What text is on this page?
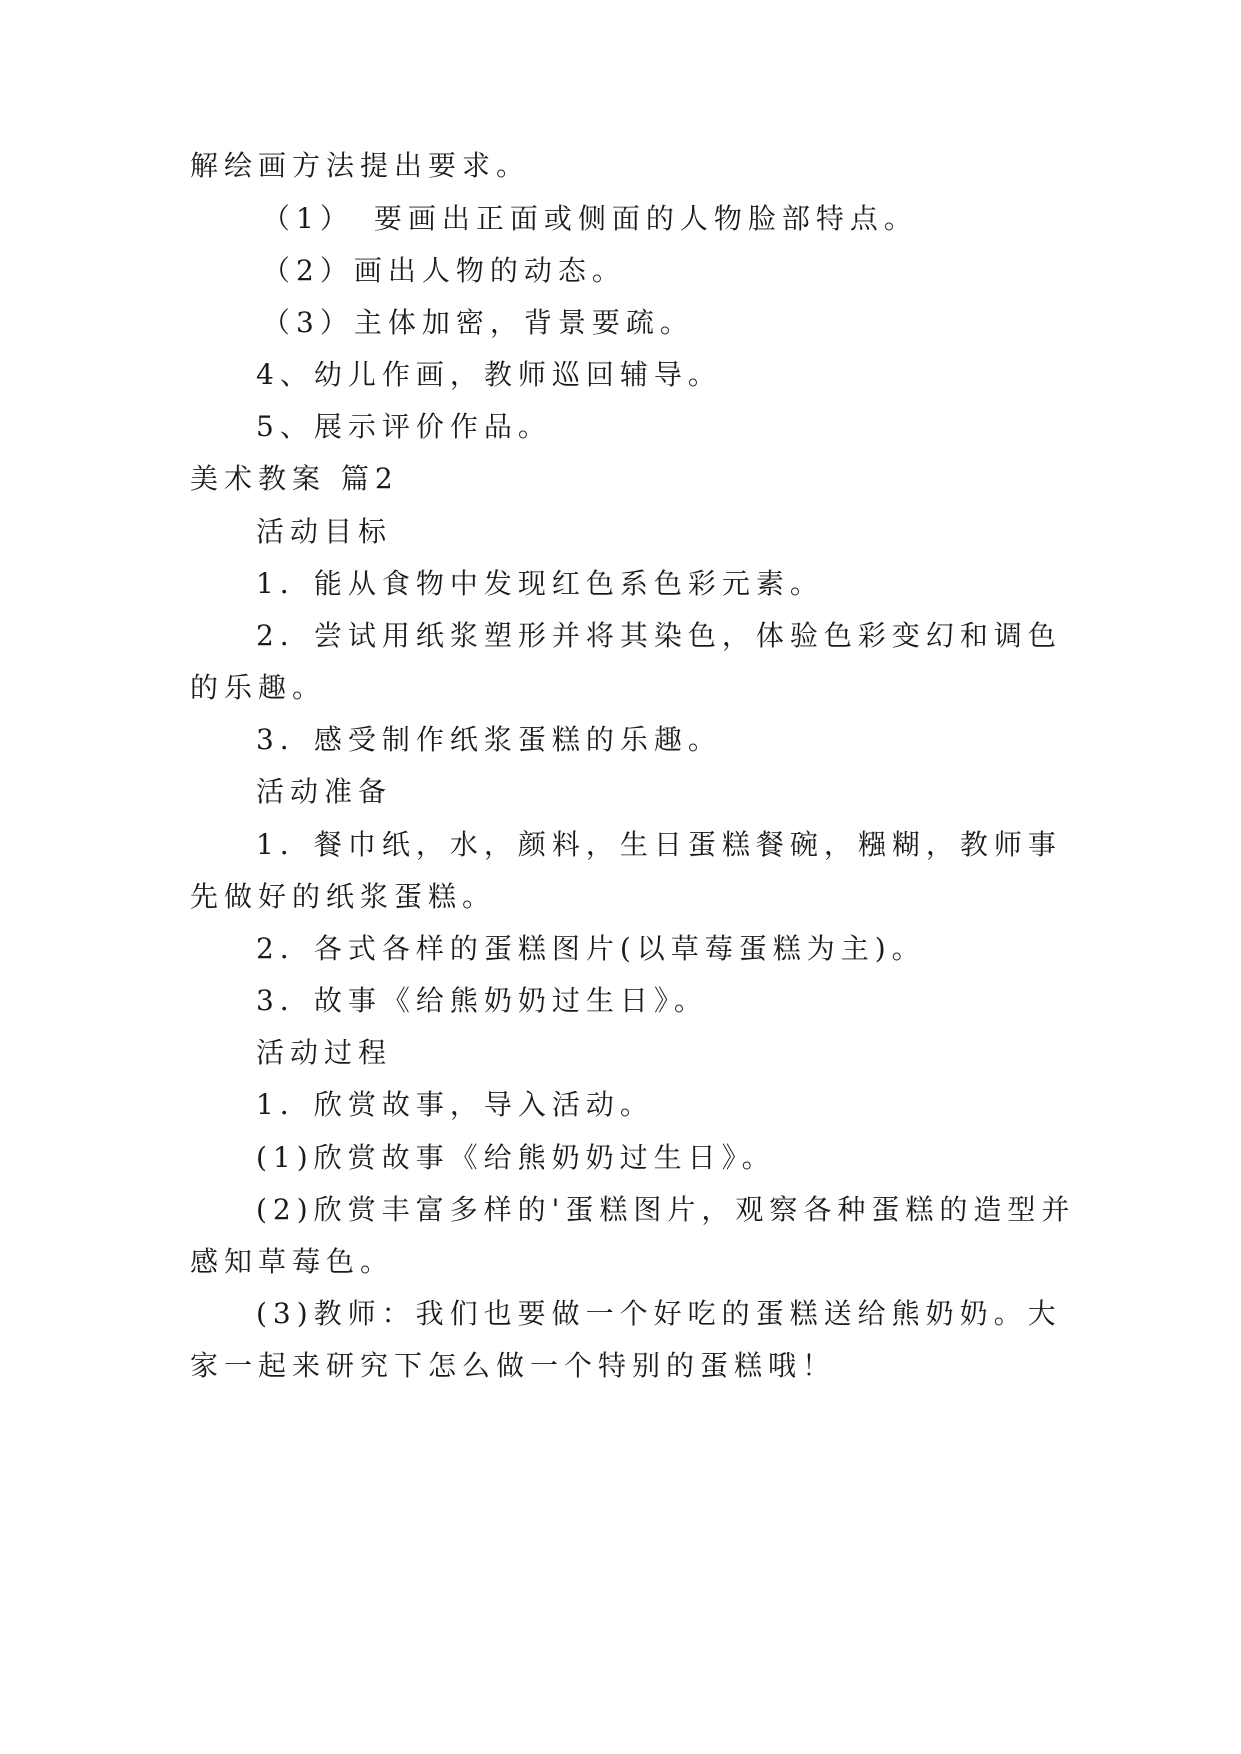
解绘画方法提出要求。
（1）　要画出正面或侧面的人物脸部特点。
（2）画出人物的动态。
（3）主体加密，背景要疏。
4、幼儿作画，教师巡回辅导。
5、展示评价作品。
美术教案 篇2
活动目标
1．能从食物中发现红色系色彩元素。
2．尝试用纸浆塑形并将其染色，体验色彩变幻和调色
的乐趣。
3．感受制作纸浆蛋糕的乐趣。
活动准备
1．餐巾纸，水，颜料，生日蛋糕餐碗，糨糊，教师事
先做好的纸浆蛋糕。
2．各式各样的蛋糕图片(以草莓蛋糕为主)。
3．故事《给熊奶奶过生日》。
活动过程
1．欣赏故事，导入活动。
(1)欣赏故事《给熊奶奶过生日》。
(2)欣赏丰富多样的'蛋糕图片，观察各种蛋糕的造型并
感知草莓色。
(3)教师：我们也要做一个好吃的蛋糕送给熊奶奶。大
家一起来研究下怎么做一个特别的蛋糕哦！
